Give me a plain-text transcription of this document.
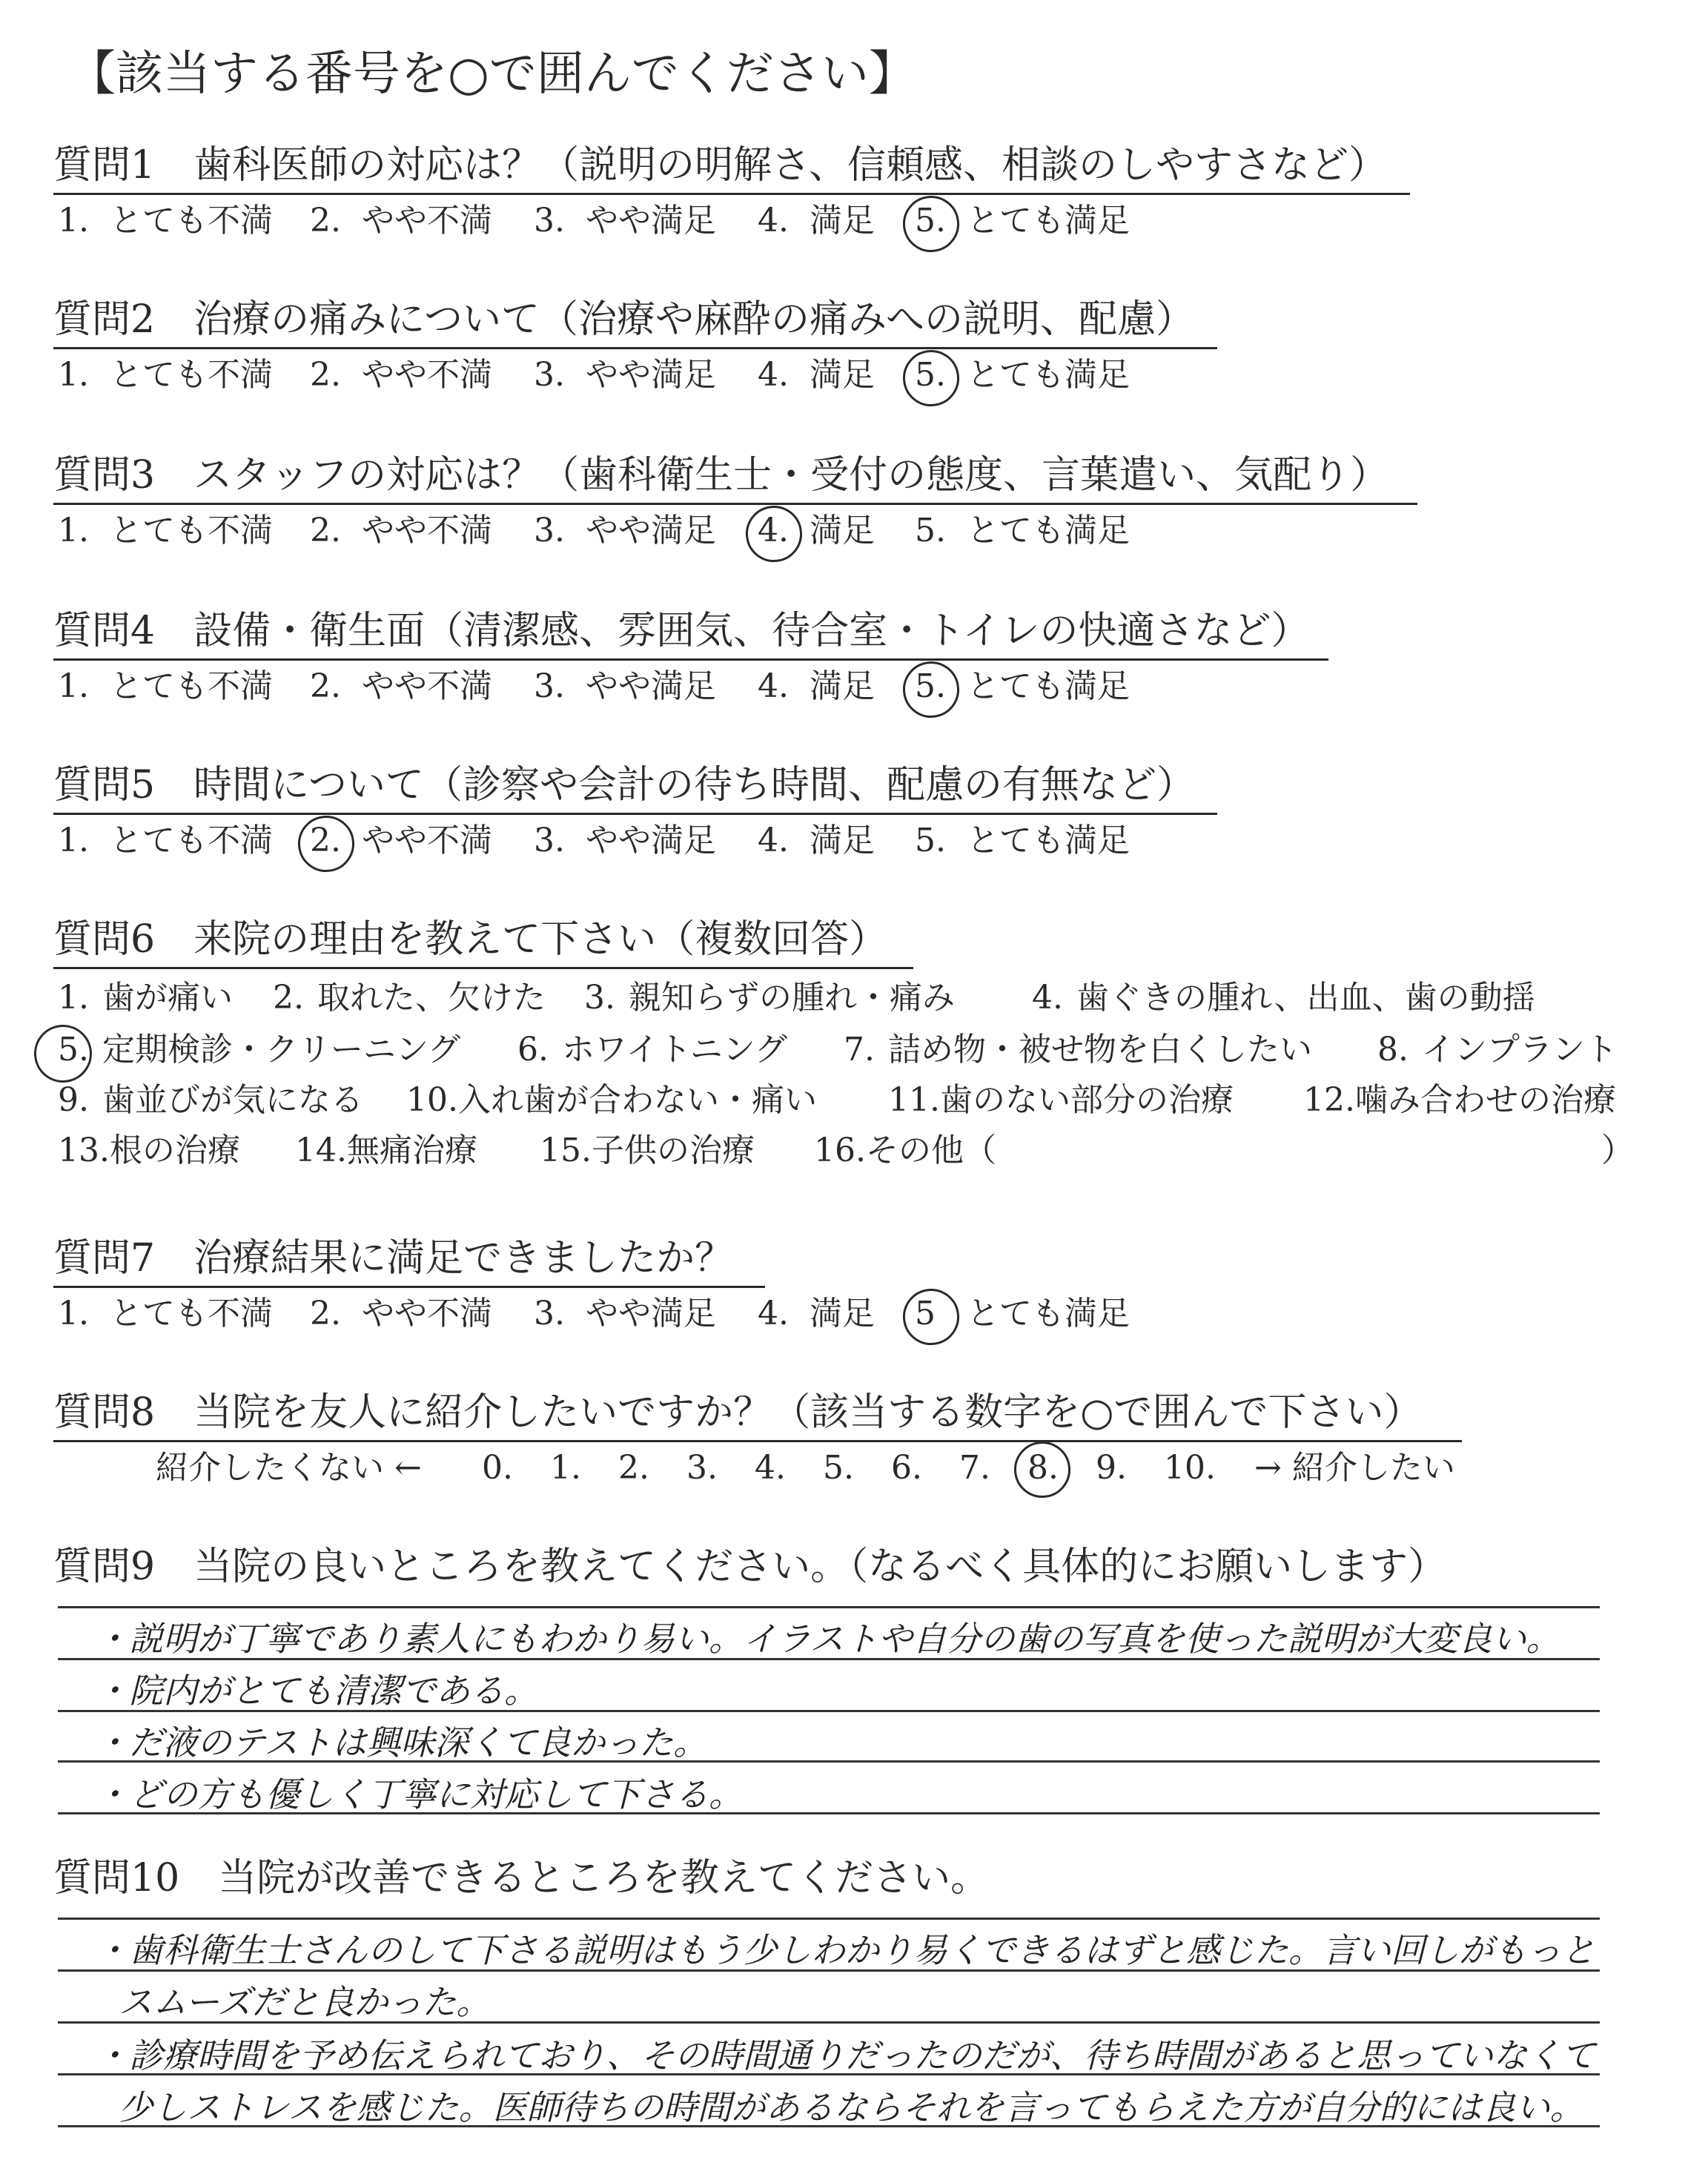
【該当する番号を○で囲んでください】
質問1　歯科医師の対応は？（説明の明解さ、信頼感、相談のしやすさなど）
1. とても不満 2. やや不満 3. やや満足 4. 満足 5. とても満足
質問2　治療の痛みについて（治療や麻酔の痛みへの説明、配慮）
1. とても不満 2. やや不満 3. やや満足 4. 満足 5. とても満足
質問3　スタッフの対応は？（歯科衛生士・受付の態度、言葉遣い、気配り）
1. とても不満 2. やや不満 3. やや満足 4. 満足 5. とても満足
質問4　設備・衛生面（清潔感、雰囲気、待合室・トイレの快適さなど）
1. とても不満 2. やや不満 3. やや満足 4. 満足 5. とても満足
質問5　時間について（診察や会計の待ち時間、配慮の有無など）
1. とても不満 2. やや不満 3. やや満足 4. 満足 5. とても満足
質問6　来院の理由を教えて下さい（複数回答）
1. 歯が痛い 2. 取れた、欠けた 3. 親知らずの腫れ・痛み 4. 歯ぐきの腫れ、出血、歯の動揺
5. 定期検診・クリーニング 6. ホワイトニング 7. 詰め物・被せ物を白くしたい 8. インプラント
9. 歯並びが気になる 10. 入れ歯が合わない・痛い 11. 歯のない部分の治療 12. 噛み合わせの治療
13. 根の治療 14. 無痛治療 15. 子供の治療 16. その他（	）
質問7　治療結果に満足できましたか？
1. とても不満 2. やや不満 3. やや満足 4. 満足 5 とても満足
質問8　当院を友人に紹介したいですか？（該当する数字を○で囲んで下さい）
紹介したくない ← 0. 1. 2. 3. 4. 5. 6. 7. 8. 9. 10. → 紹介したい
質問9　当院の良いところを教えてください。（なるべく具体的にお願いします）
・説明が丁寧であり素人にもわかり易い。イラストや自分の歯の写真を使った説明が大変良い。
・院内がとても清潔である。
・だ液のテストは興味深くて良かった。
・どの方も優しく丁寧に対応して下さる。
質問10　当院が改善できるところを教えてください。
・歯科衛生士さんのして下さる説明はもう少しわかり易くできるはずと感じた。言い回しがもっと
スムーズだと良かった。
・診療時間を予め伝えられており、その時間通りだったのだが、待ち時間があると思っていなくて
少しストレスを感じた。医師待ちの時間があるならそれを言ってもらえた方が自分的には良い。
